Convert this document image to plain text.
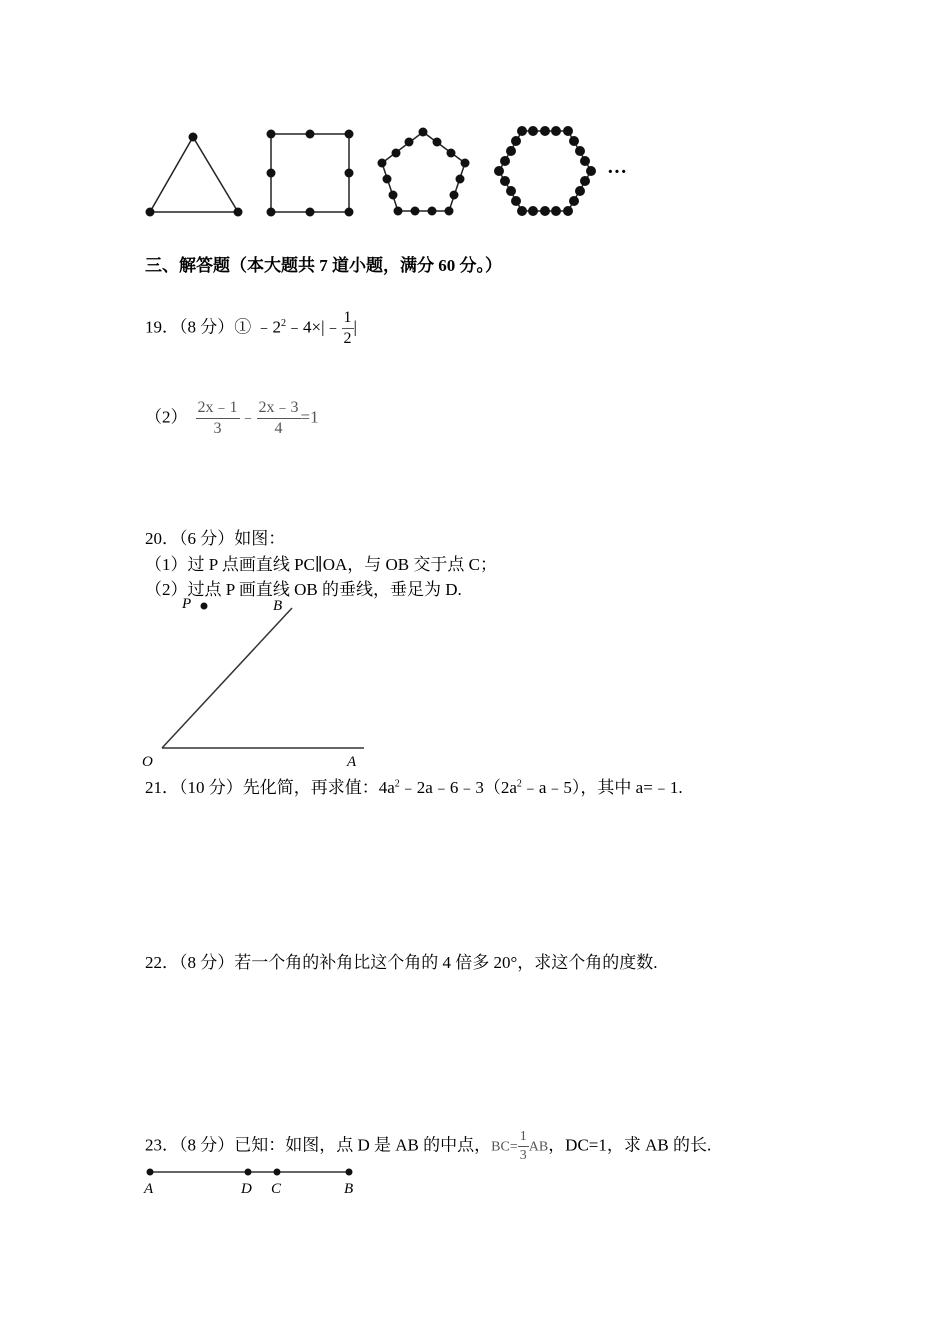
···
三、解答题（本大题共 7 道小题，满分 60 分。）
19．（8 分）① $﹣2^2﹣4\times|﹣ \frac{1}{2}$ |
$(2) \frac{2x﹣1}{3}$ ﹣ $\frac{2x﹣3}{4} =1$
20．（6 分）如图：
（1）过 P 点画直线 PC∥OA，与 OB 交于点 C；
（2）过点 P 画直线 OB 的垂线，垂足为 D.
P	B
O	A
21．（10 分）先化简，再求值：$4a^2﹣2a﹣6﹣3(2a^2﹣a﹣5)$，其中 a=﹣1.
22．（8 分）若一个角的补角比这个角的 4 倍多 20°，求这个角的度数.
23．（8 分）已知：如图，点 D 是 AB 的中点，$BC= \frac{1}{3}$ AB，DC=1，求 AB 的长.
A	D C	B
